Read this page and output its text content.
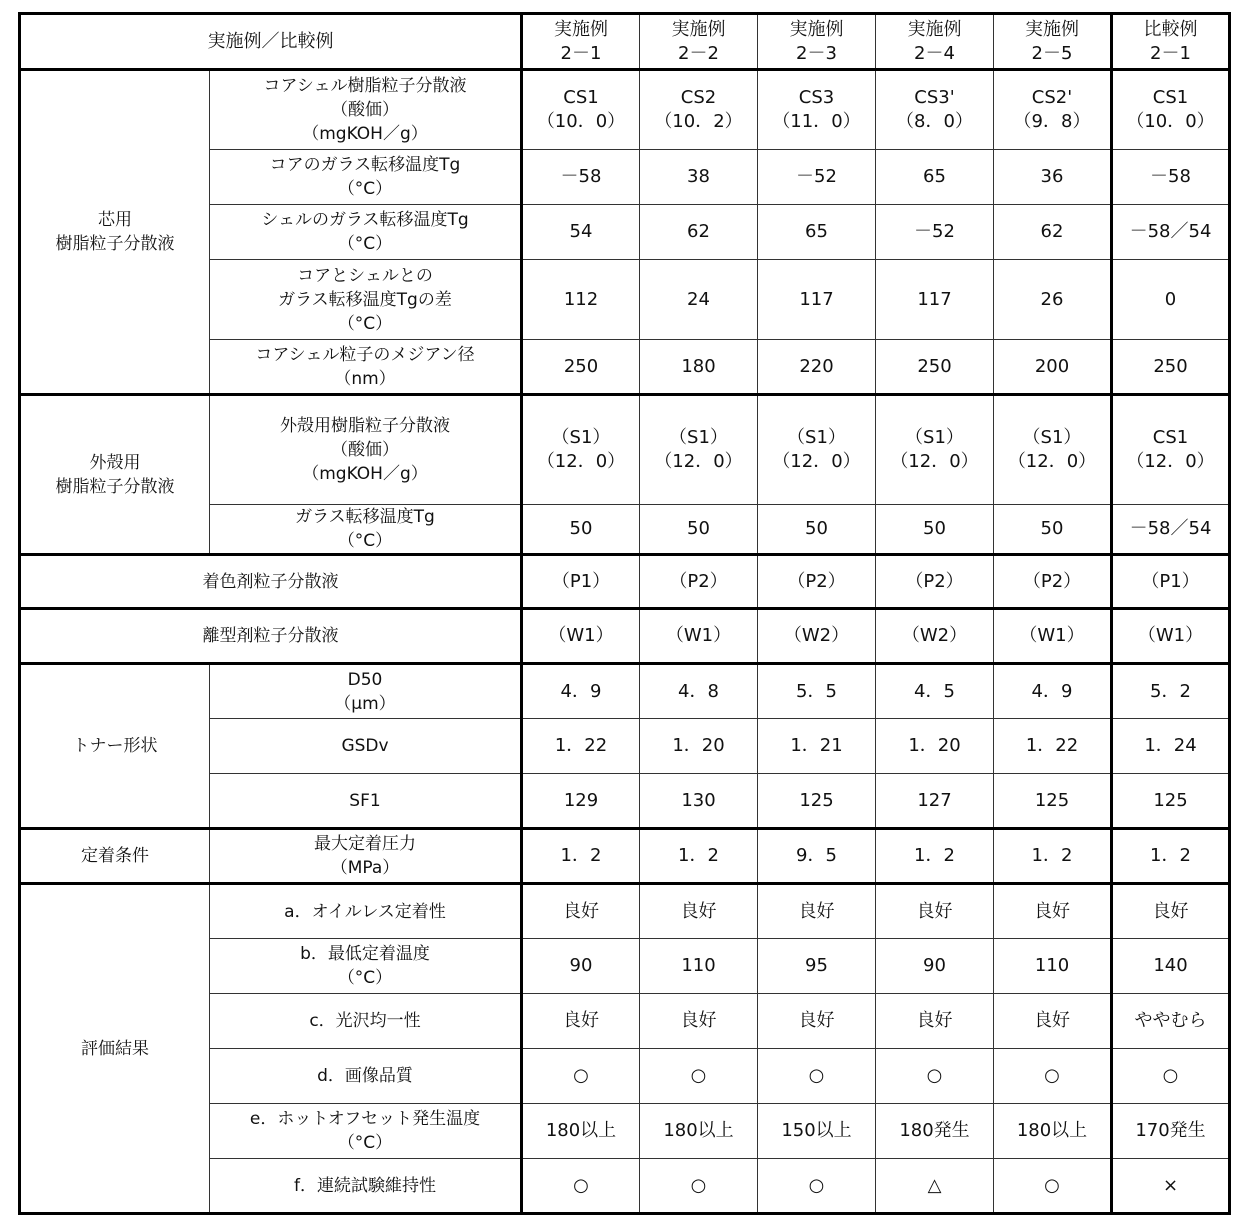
実施例／比較例	実施例
2－1	実施例
2－2	実施例
2－3	実施例
2－4	実施例
2－5	比較例
2－1
芯用
樹脂粒子分散液	コアシェル樹脂粒子分散液
（酸価）
（mgKOH／g）	CS1
（10．0）	CS2
（10．2）	CS3
（11．0）	CS3'
（8．0）	CS2'
（9．8）	CS1
（10．0）
コアのガラス転移温度Tg
（°C）	－58	38	－52	65	36	－58
シェルのガラス転移温度Tg
（°C）	54	62	65	－52	62	－58／54
コアとシェルとの
ガラス転移温度Tgの差
（°C）	112	24	117	117	26	0
コアシェル粒子のメジアン径
（nm）	250	180	220	250	200	250
外殻用
樹脂粒子分散液	外殻用樹脂粒子分散液
（酸価）
（mgKOH／g）	（S1）
（12．0）	（S1）
（12．0）	（S1）
（12．0）	（S1）
（12．0）	（S1）
（12．0）	CS1
（12．0）
ガラス転移温度Tg
（°C）	50	50	50	50	50	－58／54
着色剤粒子分散液	（P1）	（P2）	（P2）	（P2）	（P2）	（P1）
離型剤粒子分散液	（W1）	（W1）	（W2）	（W2）	（W1）	（W1）
トナー形状	D50
（μm）	4．9	4．8	5．5	4．5	4．9	5．2
GSDv	1．22	1．20	1．21	1．20	1．22	1．24
SF1	129	130	125	127	125	125
定着条件	最大定着圧力
（MPa）	1．2	1．2	9．5	1．2	1．2	1．2
評価結果	a．オイルレス定着性	良好	良好	良好	良好	良好	良好
b．最低定着温度
（°C）	90	110	95	90	110	140
c．光沢均一性	良好	良好	良好	良好	良好	ややむら
d．画像品質	○	○	○	○	○	○
e．ホットオフセット発生温度
（°C）	180以上	180以上	150以上	180発生	180以上	170発生
f．連続試験維持性	○	○	○	△	○	×
